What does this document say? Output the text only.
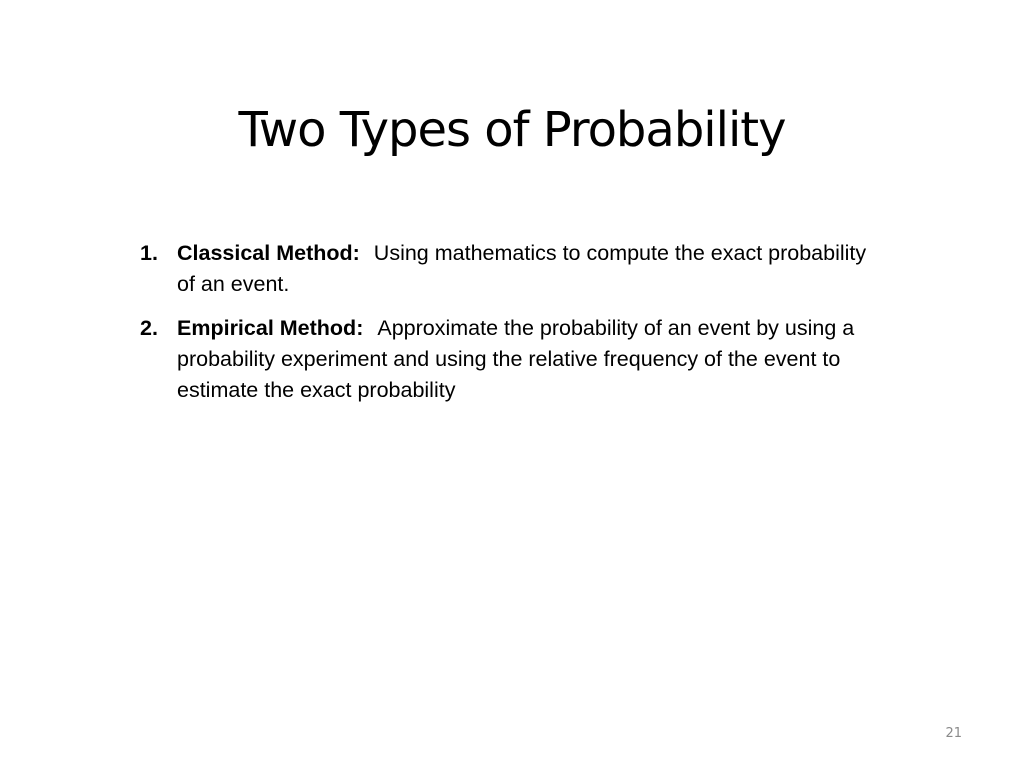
Two Types of Probability
1. Classical Method: Using mathematics to compute the exact probability of an event.
2. Empirical Method: Approximate the probability of an event by using a probability experiment and using the relative frequency of the event to estimate the exact probability
21
